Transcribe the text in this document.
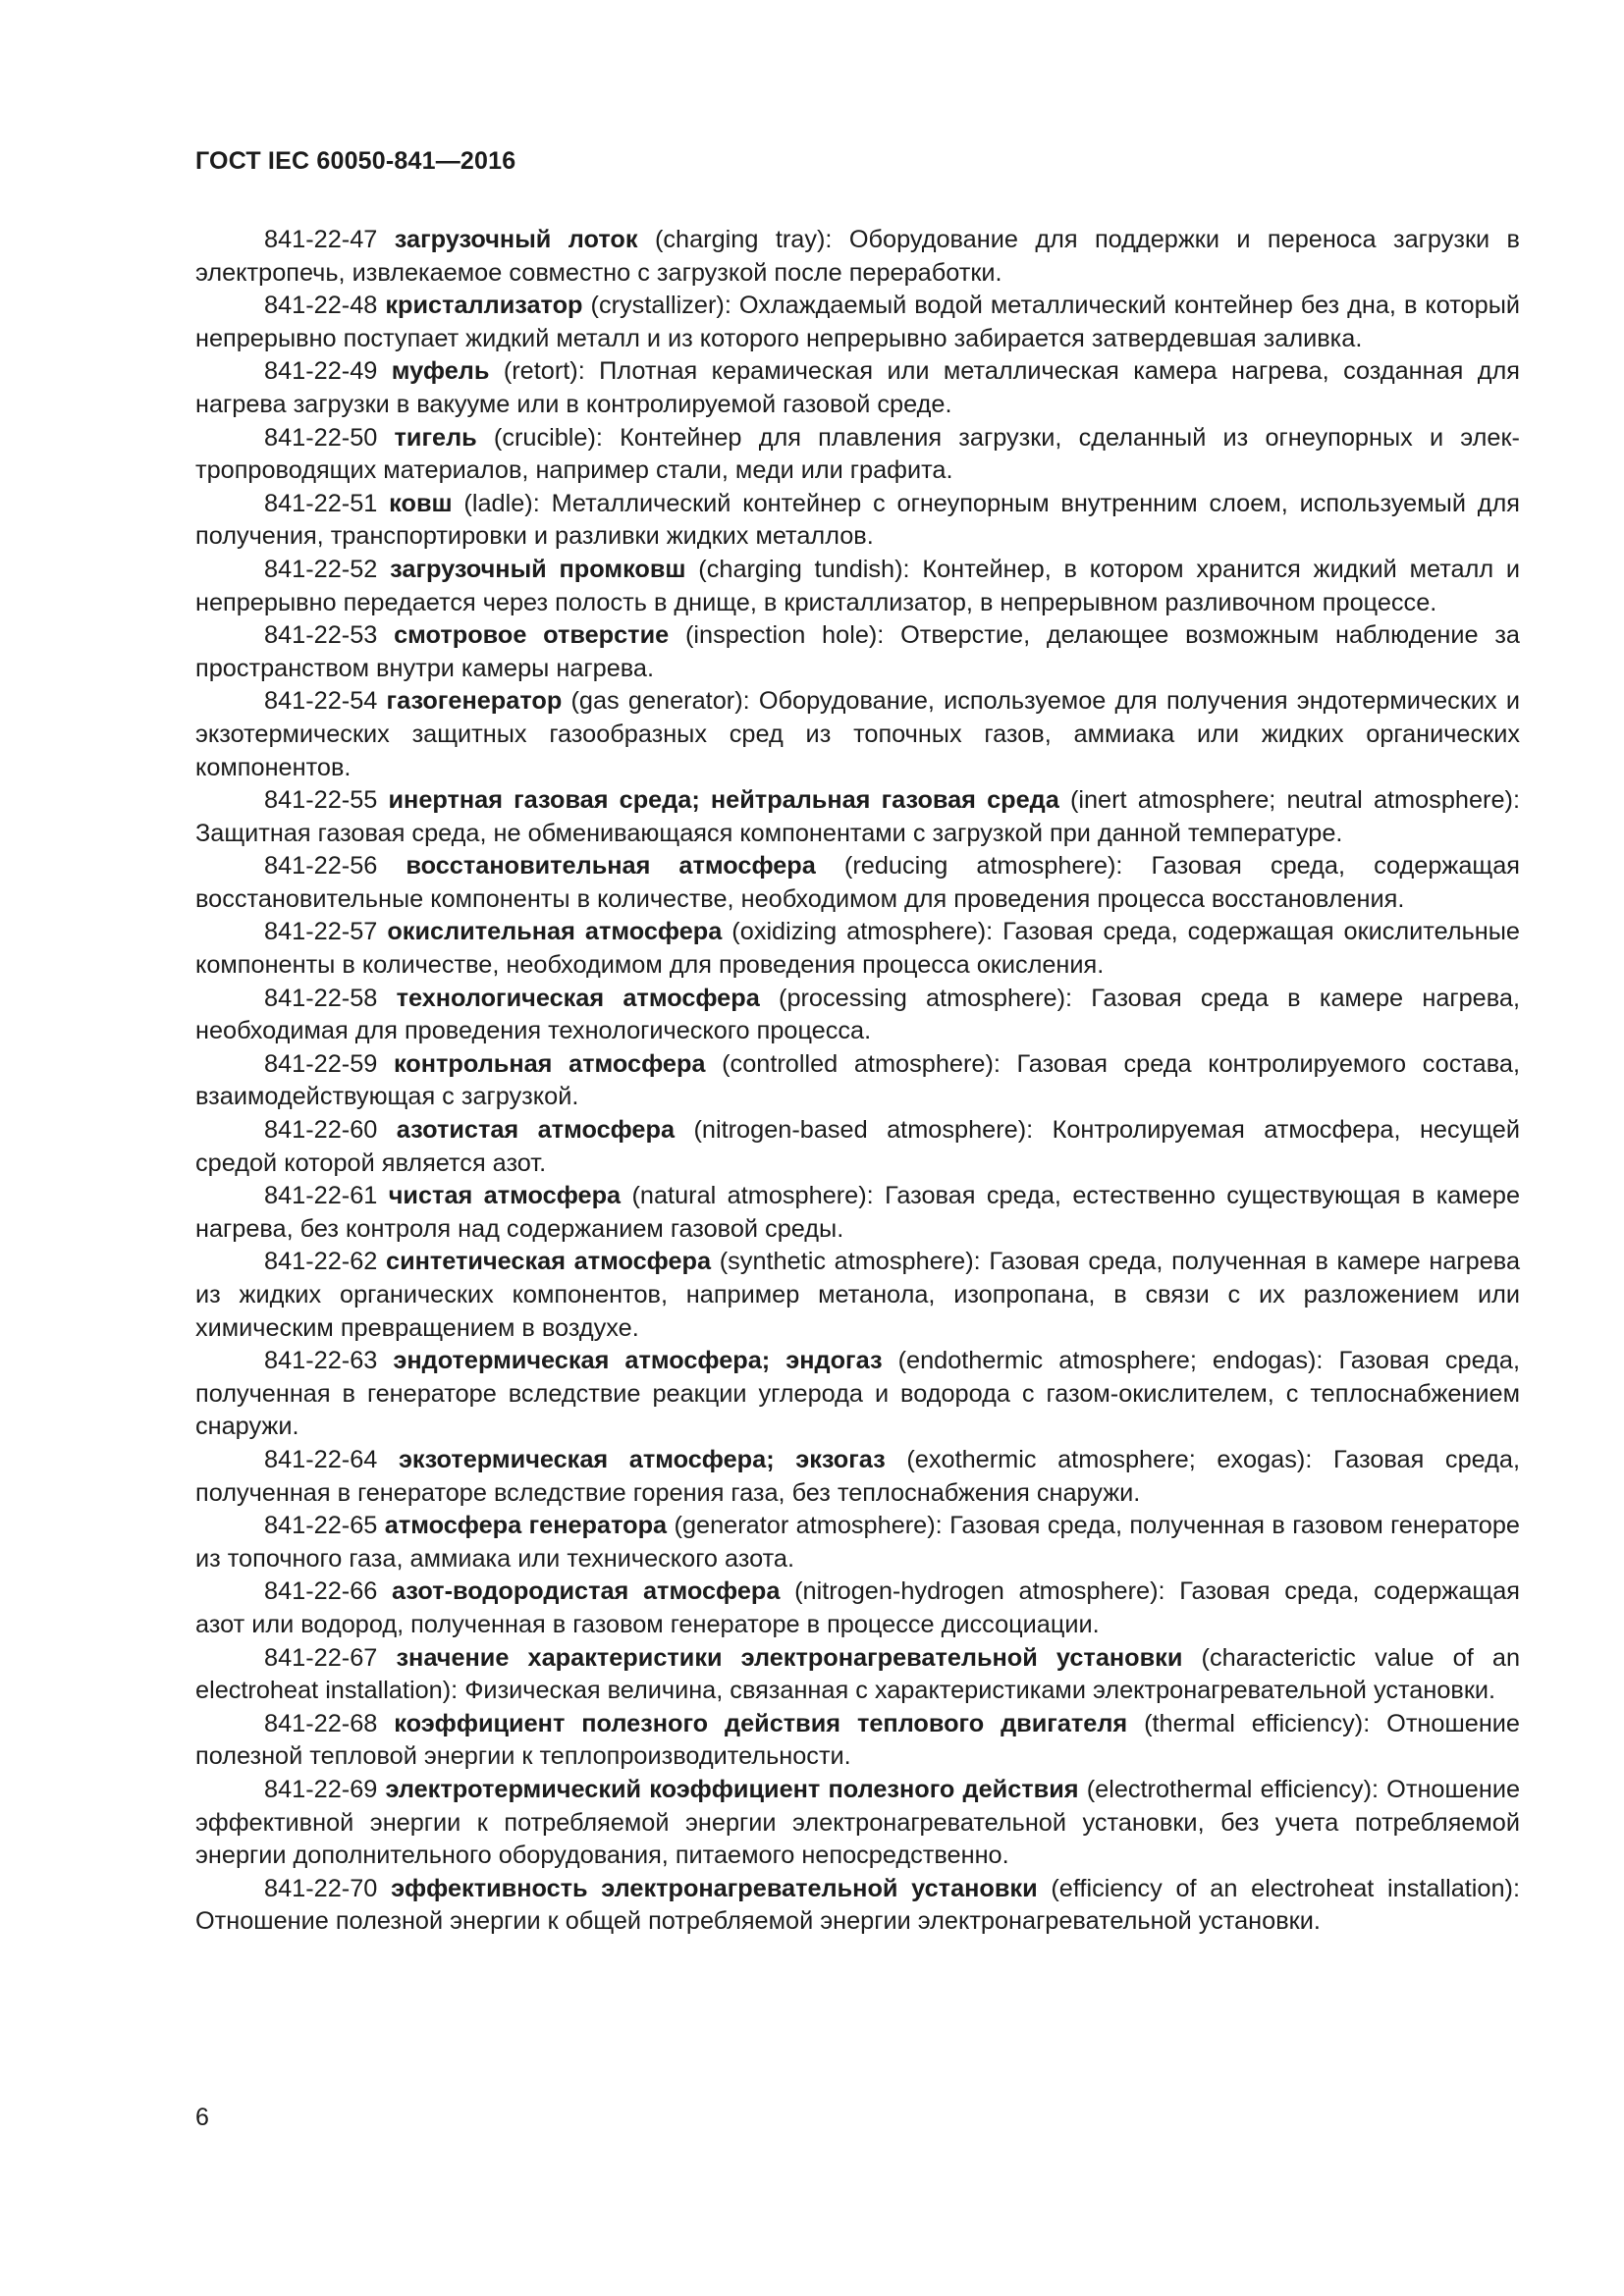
ГОСТ IEC 60050-841—2016

841-22-47 загрузочный лоток (charging tray): Оборудование для поддержки и переноса загрузки в электропечь, извлекаемое совместно с загрузкой после переработки.

841-22-48 кристаллизатор (crystallizer): Охлаждаемый водой металлический контейнер без дна, в который непрерывно поступает жидкий металл и из которого непрерывно забирается затвердевшая заливка.

841-22-49 муфель (retort): Плотная керамическая или металлическая камера нагрева, созданная для нагрева загрузки в вакууме или в контролируемой газовой среде.

841-22-50 тигель (crucible): Контейнер для плавления загрузки, сделанный из огнеупорных и электропроводящих материалов, например стали, меди или графита.

841-22-51 ковш (ladle): Металлический контейнер с огнеупорным внутренним слоем, используемый для получения, транспортировки и разливки жидких металлов.

841-22-52 загрузочный промковш (charging tundish): Контейнер, в котором хранится жидкий металл и непрерывно передается через полость в днище, в кристаллизатор, в непрерывном разливочном процессе.

841-22-53 смотровое отверстие (inspection hole): Отверстие, делающее возможным наблюдение за пространством внутри камеры нагрева.

841-22-54 газогенератор (gas generator): Оборудование, используемое для получения эндотермических и экзотермических защитных газообразных сред из топочных газов, аммиака или жидких органических компонентов.

841-22-55 инертная газовая среда; нейтральная газовая среда (inert atmosphere; neutral atmosphere): Защитная газовая среда, не обменивающаяся компонентами с загрузкой при данной температуре.

841-22-56 восстановительная атмосфера (reducing atmosphere): Газовая среда, содержащая восстановительные компоненты в количестве, необходимом для проведения процесса восстановления.

841-22-57 окислительная атмосфера (oxidizing atmosphere): Газовая среда, содержащая окислительные компоненты в количестве, необходимом для проведения процесса окисления.

841-22-58 технологическая атмосфера (processing atmosphere): Газовая среда в камере нагрева, необходимая для проведения технологического процесса.

841-22-59 контрольная атмосфера (controlled atmosphere): Газовая среда контролируемого состава, взаимодействующая с загрузкой.

841-22-60 азотистая атмосфера (nitrogen-based atmosphere): Контролируемая атмосфера, несущей средой которой является азот.

841-22-61 чистая атмосфера (natural atmosphere): Газовая среда, естественно существующая в камере нагрева, без контроля над содержанием газовой среды.

841-22-62 синтетическая атмосфера (synthetic atmosphere): Газовая среда, полученная в камере нагрева из жидких органических компонентов, например метанола, изопропана, в связи с их разложением или химическим превращением в воздухе.

841-22-63 эндотермическая атмосфера; эндогаз (endothermic atmosphere; endogas): Газовая среда, полученная в генераторе вследствие реакции углерода и водорода с газом-окислителем, с теплоснабжением снаружи.

841-22-64 экзотермическая атмосфера; экзогаз (exothermic atmosphere; exogas): Газовая среда, полученная в генераторе вследствие горения газа, без теплоснабжения снаружи.

841-22-65 атмосфера генератора (generator atmosphere): Газовая среда, полученная в газовом генераторе из топочного газа, аммиака или технического азота.

841-22-66 азот-водородистая атмосфера (nitrogen-hydrogen atmosphere): Газовая среда, содержащая азот или водород, полученная в газовом генераторе в процессе диссоциации.

841-22-67 значение характеристики электронагревательной установки (characterictic value of an electroheat installation): Физическая величина, связанная с характеристиками электронагревательной установки.

841-22-68 коэффициент полезного действия теплового двигателя (thermal efficiency): Отношение полезной тепловой энергии к теплопроизводительности.

841-22-69 электротермический коэффициент полезного действия (electrothermal efficiency): Отношение эффективной энергии к потребляемой энергии электронагревательной установки, без учета потребляемой энергии дополнительного оборудования, питаемого непосредственно.

841-22-70 эффективность электронагревательной установки (efficiency of an electroheat installation): Отношение полезной энергии к общей потребляемой энергии электронагревательной установки.

6
